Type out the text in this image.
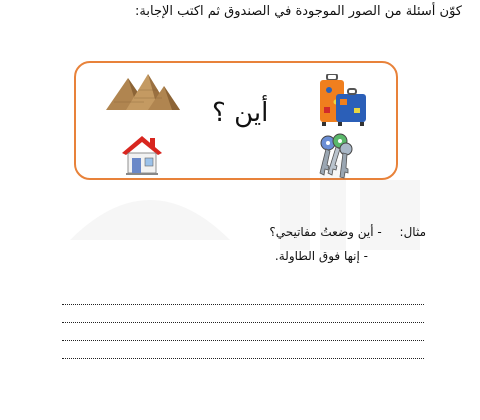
كوّن أسئلة من الصور الموجودة في الصندوق ثم اكتب الإجابة:
أين ؟
مثال: - أين وضعتُ مفاتيحي؟
- إنها فوق الطاولة.
